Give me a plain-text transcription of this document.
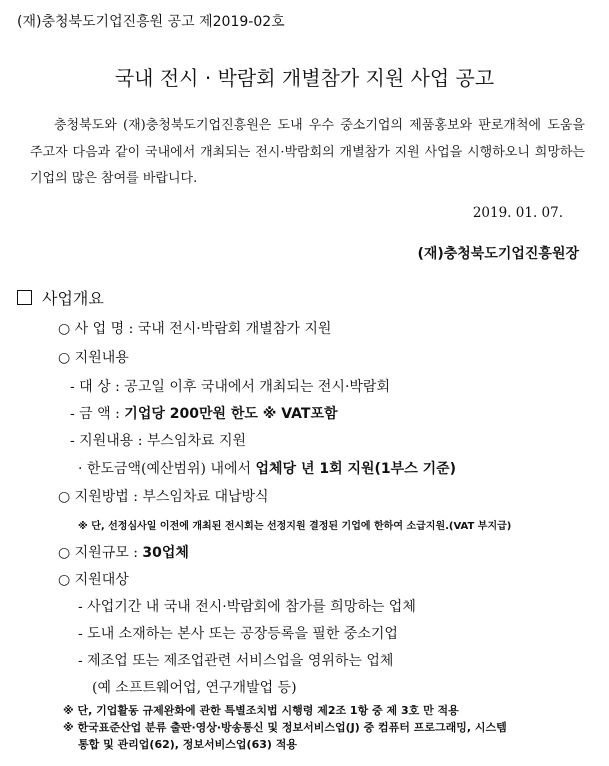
(재)충청북도기업진흥원 공고 제2019-02호
국내 전시 · 박람회 개별참가 지원 사업 공고
충청북도와 (재)충청북도기업진흥원은 도내 우수 중소기업의 제품홍보와 판로개척에 도움을 주고자 다음과 같이 국내에서 개최되는 전시·박람회의 개별참가 지원 사업을 시행하오니 희망하는 기업의 많은 참여를 바랍니다.
2019. 01. 07.
(재)충청북도기업진흥원장
사업개요
○ 사 업 명 : 국내 전시·박람회 개별참가 지원
○ 지원내용
- 대 상 : 공고일 이후 국내에서 개최되는 전시·박람회
- 금 액 : 기업당 200만원 한도 ※ VAT포함
- 지원내용 : 부스임차료 지원
· 한도금액(예산범위) 내에서 업체당 년 1회 지원(1부스 기준)
○ 지원방법 : 부스임차료 대납방식
※ 단, 선정심사일 이전에 개최된 전시회는 선정지원 결정된 기업에 한하여 소급지원.(VAT 부지급)
○ 지원규모 : 30업체
○ 지원대상
- 사업기간 내 국내 전시·박람회에 참가를 희망하는 업체
- 도내 소재하는 본사 또는 공장등록을 필한 중소기업
- 제조업 또는 제조업관련 서비스업을 영위하는 업체
(예 소프트웨어업, 연구개발업 등)
※ 단, 기업활동 규제완화에 관한 특별조치법 시행령 제2조 1항 중 제 3호 만 적용
※ 한국표준산업 분류 출판·영상·방송통신 및 정보서비스업(J) 중 컴퓨터 프로그래밍, 시스템
통합 및 관리업(62), 정보서비스업(63) 적용
